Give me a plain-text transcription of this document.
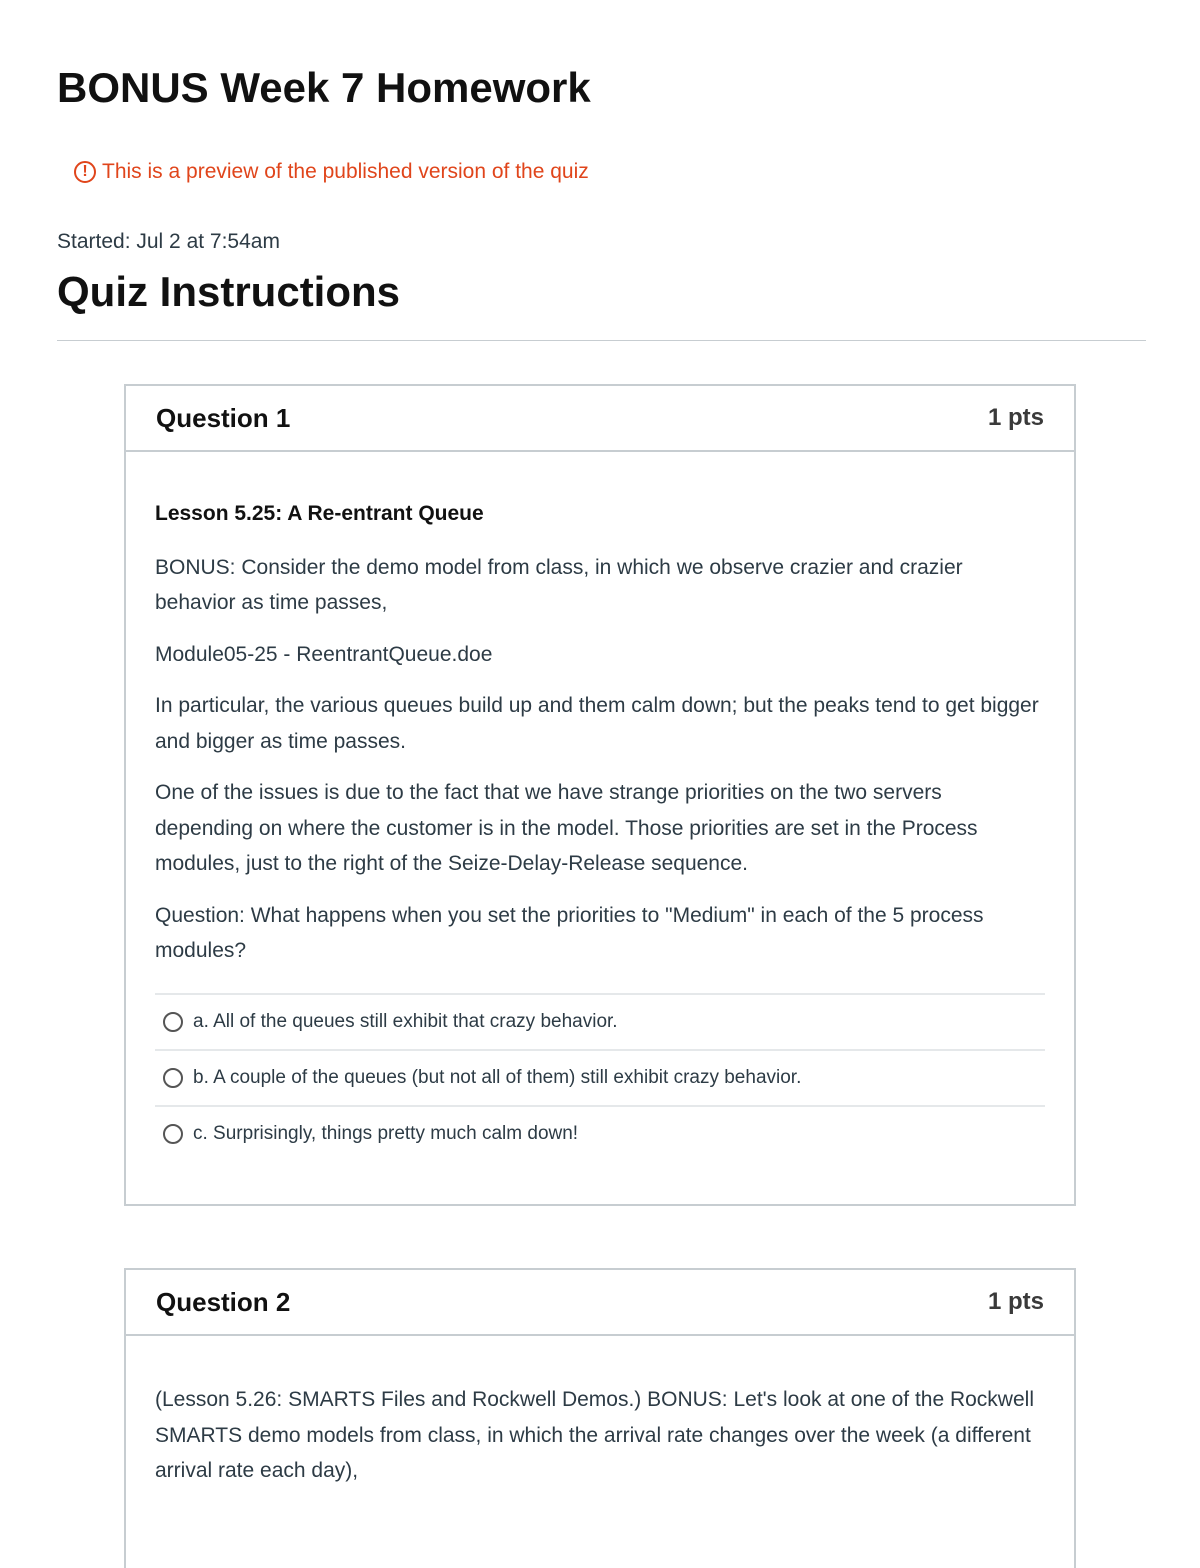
BONUS Week 7 Homework
! This is a preview of the published version of the quiz
Started: Jul 2 at 7:54am
Quiz Instructions
Question 1	1 pts

Lesson 5.25: A Re-entrant Queue

BONUS: Consider the demo model from class, in which we observe crazier and crazier behavior as time passes,

Module05-25 - ReentrantQueue.doe

In particular, the various queues build up and them calm down; but the peaks tend to get bigger and bigger as time passes.

One of the issues is due to the fact that we have strange priorities on the two servers depending on where the customer is in the model. Those priorities are set in the Process modules, just to the right of the Seize-Delay-Release sequence.

Question: What happens when you set the priorities to "Medium" in each of the 5 process modules?

a. All of the queues still exhibit that crazy behavior.
b. A couple of the queues (but not all of them) still exhibit crazy behavior.
c. Surprisingly, things pretty much calm down!
Question 2	1 pts

(Lesson 5.26: SMARTS Files and Rockwell Demos.) BONUS: Let's look at one of the Rockwell SMARTS demo models from class, in which the arrival rate changes over the week (a different arrival rate each day),
